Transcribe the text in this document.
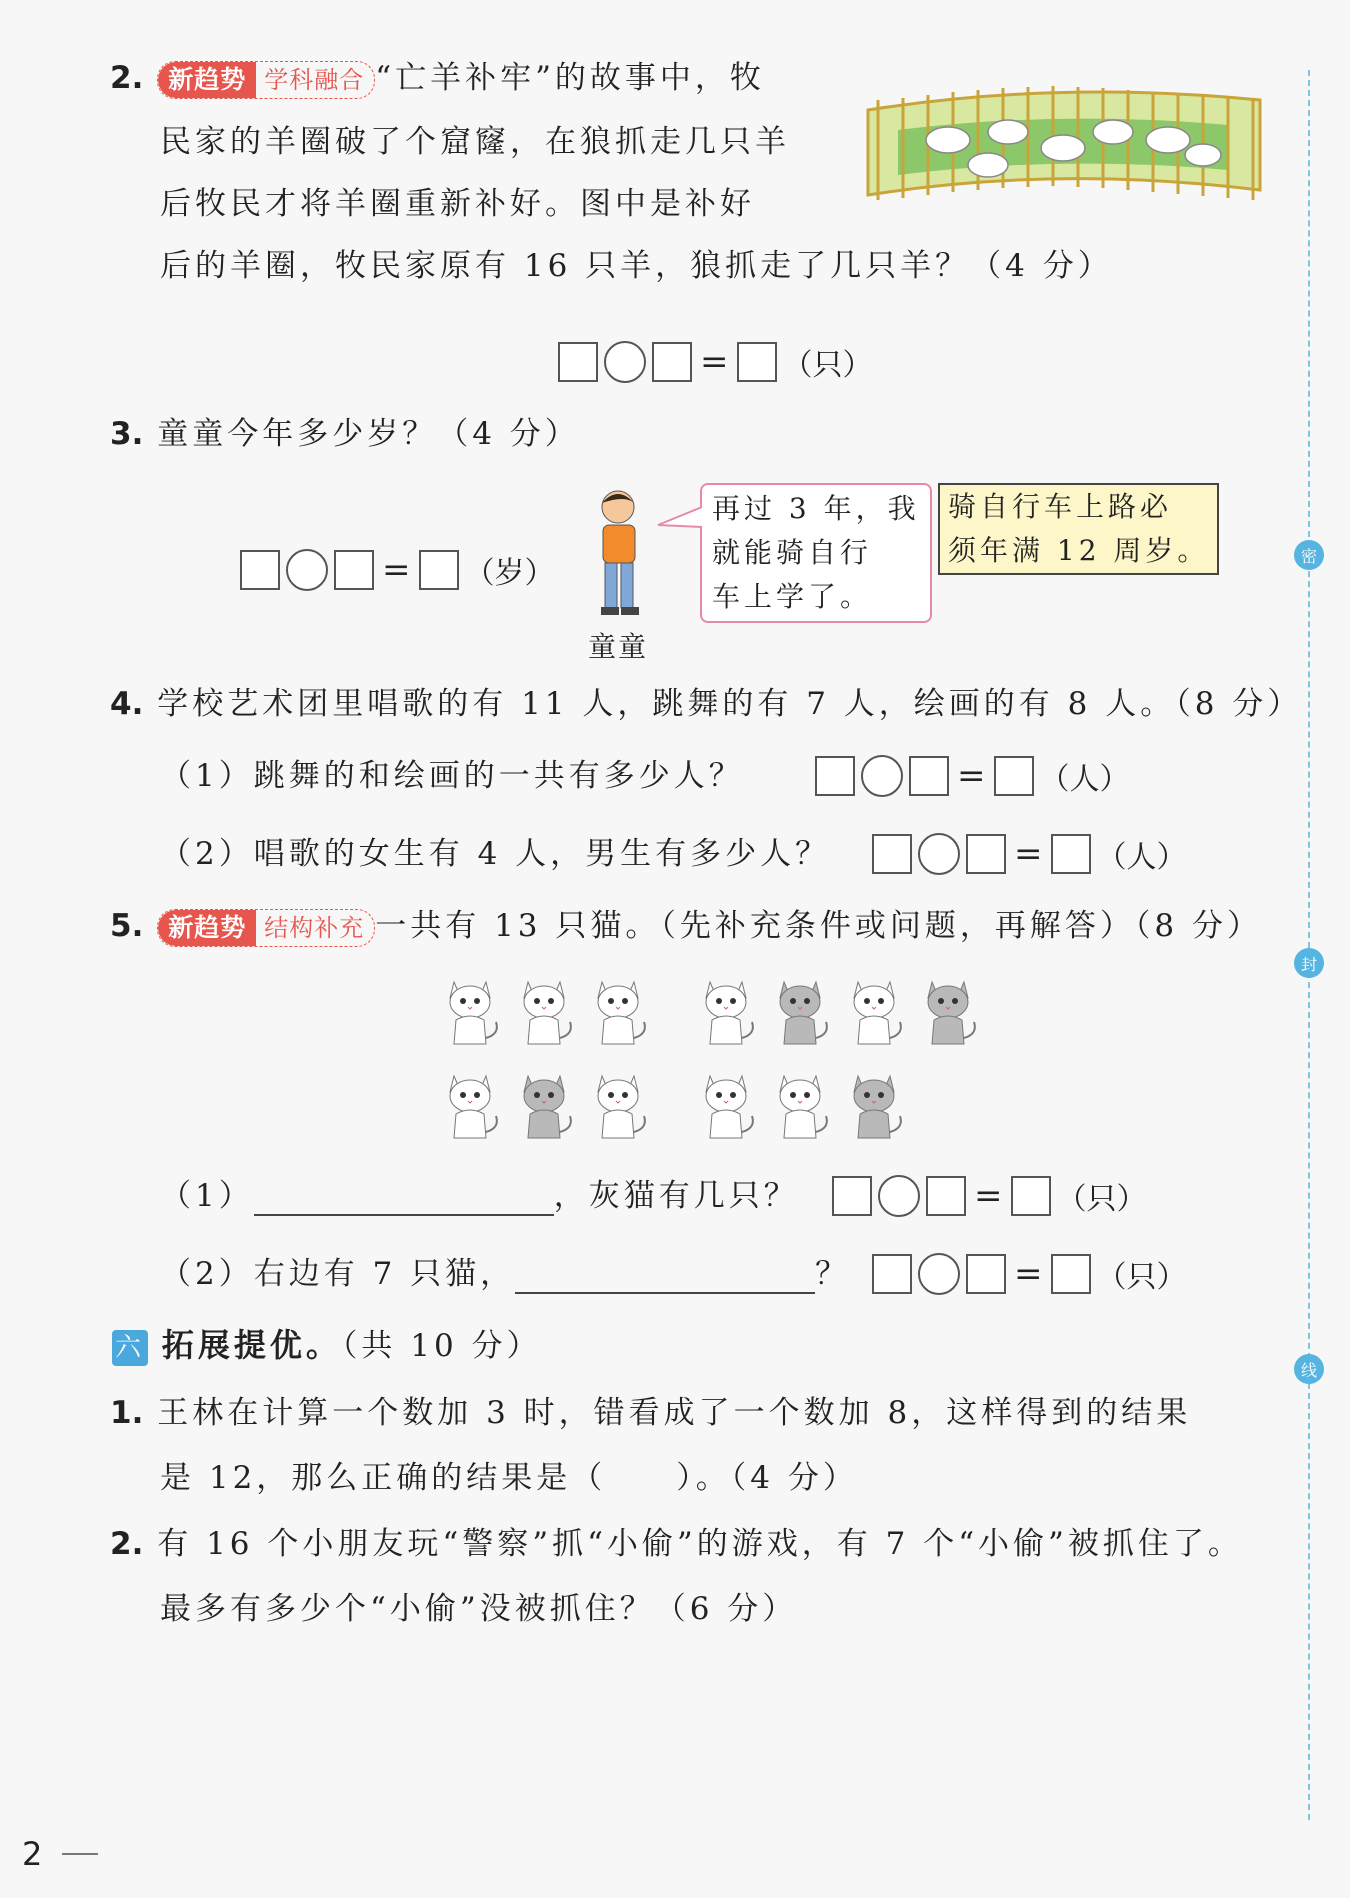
2. 新趋势 学科融合 “亡羊补牢”的故事中，牧
民家的羊圈破了个窟窿，在狼抓走几只羊
后牧民才将羊圈重新补好。图中是补好
后的羊圈，牧民家原有 16 只羊，狼抓走了几只羊？（4 分）
= （只）
3. 童童今年多少岁？（4 分）
= （岁）
童童
再过 3 年，我
就能骑自行
车上学了。
骑自行车上路必
须年满 12 周岁。
4. 学校艺术团里唱歌的有 11 人，跳舞的有 7 人，绘画的有 8 人。（8 分）
（1）跳舞的和绘画的一共有多少人？	= （人）
（2）唱歌的女生有 4 人，男生有多少人？	= （人）
5. 新趋势 结构补充 一共有 13 只猫。（先补充条件或问题，再解答）（8 分）
（1）	，灰猫有几只？	= （只）
（2）右边有 7 只猫，	？	= （只）
六 拓展提优。（共 10 分）
1. 王林在计算一个数加 3 时，错看成了一个数加 8，这样得到的结果
是 12，那么正确的结果是（　　）。（4 分）
2. 有 16 个小朋友玩“警察”抓“小偷”的游戏，有 7 个“小偷”被抓住了。
最多有多少个“小偷”没被抓住？（6 分）
密
封
线
2
